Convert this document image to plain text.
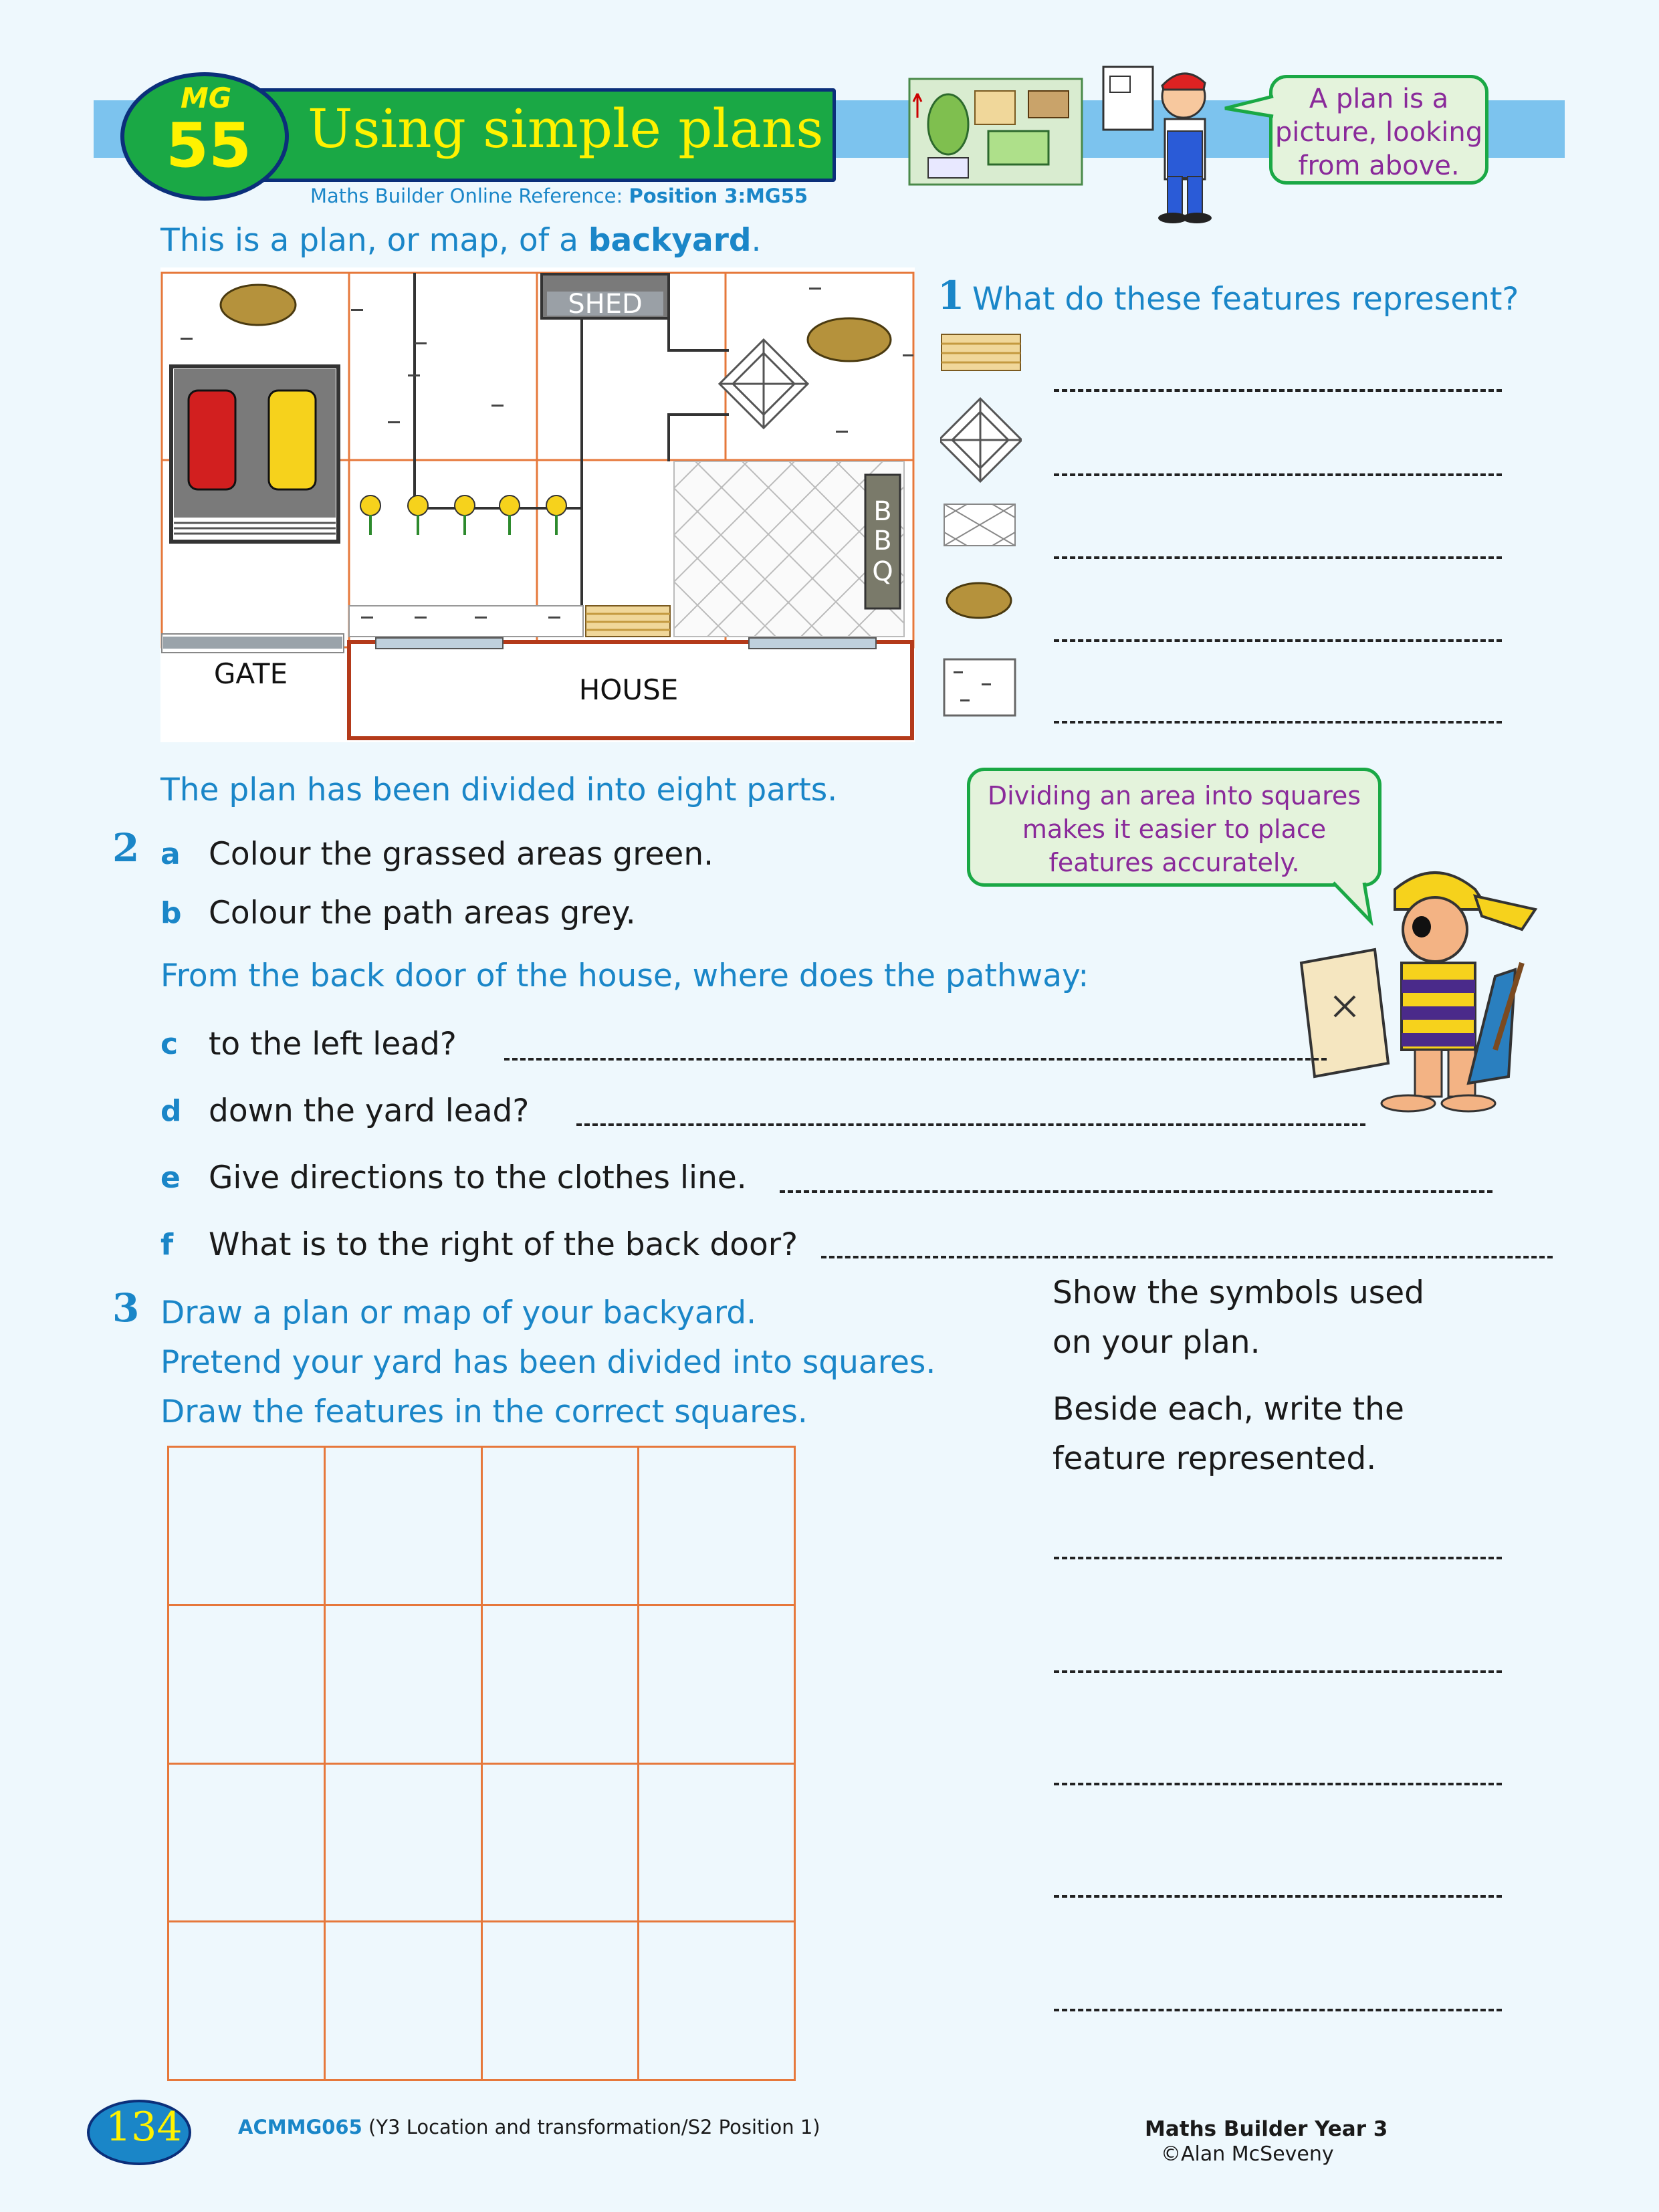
Using simple plans
MG
55
Maths Builder Online Reference: Position 3:MG55
A plan is a
picture, looking
from above.
This is a plan, or map, of a backyard.
SHED
B
B
Q
GATE	HOUSE
1 What do these features represent?
The plan has been divided into eight parts.	Dividing an area into squares
makes it easier to place
features accurately.
2 a Colour the grassed areas green.
b Colour the path areas grey.
From the back door of the house, where does the pathway:
c to the left lead?
d down the yard lead?
e Give directions to the clothes line.
f What is to the right of the back door?
3 Draw a plan or map of your backyard.
Pretend your yard has been divided into squares.
Draw the features in the correct squares.
Show the symbols used
on your plan.
Beside each, write the
feature represented.

134	ACMMG065 (Y3 Location and transformation/S2 Position 1)	Maths Builder Year 3
©Alan McSeveny
